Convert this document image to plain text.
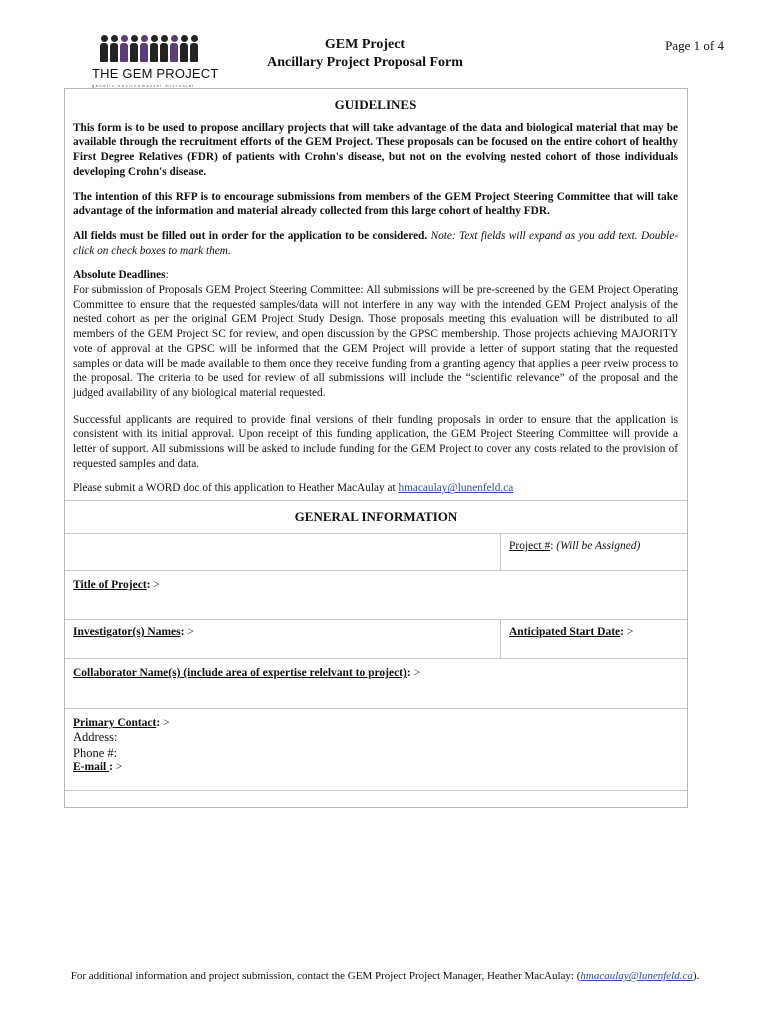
THE GEM PROJECT
genetic environmental microbial
GEM Project
Ancillary Project Proposal Form
Page 1 of 4
GUIDELINES

This form is to be used to propose ancillary projects that will take advantage of the data and biological material that may be available through the recruitment efforts of the GEM Project. These proposals can be focused on the entire cohort of healthy First Degree Relatives (FDR) of patients with Crohn's disease, but not on the evolving nested cohort of those individuals developing Crohn's disease.

The intention of this RFP is to encourage submissions from members of the GEM Project Steering Committee that will take advantage of the information and material already collected from this large cohort of healthy FDR.

All fields must be filled out in order for the application to be considered. Note: Text fields will expand as you add text. Double-click on check boxes to mark them.

Absolute Deadlines:
For submission of Proposals GEM Project Steering Committee: All submissions will be pre-screened by the GEM Project Operating Committee to ensure that the requested samples/data will not interfere in any way with the intended GEM Project analysis of the nested cohort as per the original GEM Project Study Design. Those proposals meeting this evaluation will be distributed to all members of the GEM Project SC for review, and open discussion by the GPSC membership. Those projects achieving MAJORITY vote of approval at the GPSC will be informed that the GEM Project will provide a letter of support stating that the requested samples or data will be made available to them once they receive funding from a granting agency that applies a peer rveiw process to the proposal. The criteria to be used for review of all submissions will include the “scientific relevance” of the proposal and the judged availability of any biological material requested.

Successful applicants are required to provide final versions of their funding proposals in order to ensure that the application is consistent with its initial approval. Upon receipt of this funding application, the GEM Project Steering Committee will provide a letter of support. All submissions will be asked to include funding for the GEM Project to cover any costs related to the provision of requested samples and data.

Please submit a WORD doc of this application to Heather MacAulay at hmacaulay@lunenfeld.ca

GENERAL INFORMATION
Project #: (Will be Assigned)
Title of Project: >
Investigator(s) Names: >	Anticipated Start Date: >
Collaborator Name(s) (include area of expertise relelvant to project): >
Primary Contact: >
Address:
Phone #:
E-mail : >
For additional information and project submission, contact the GEM Project Project Manager, Heather MacAulay: (hmacaulay@lunenfeld.ca).
